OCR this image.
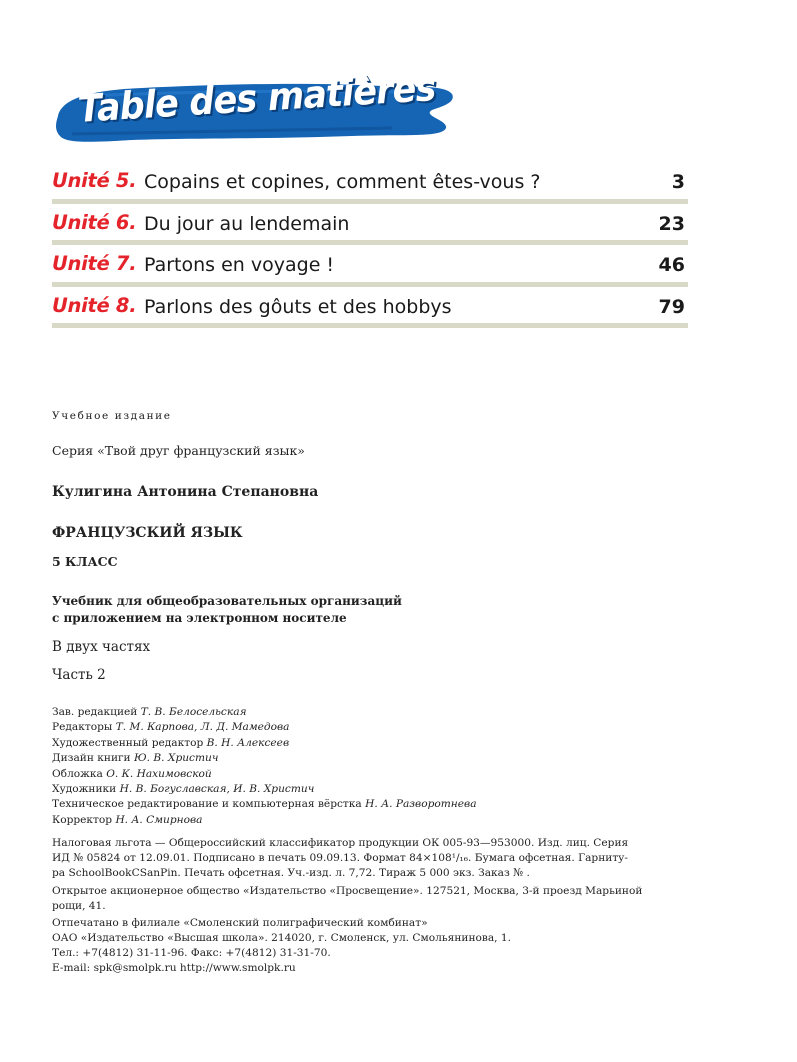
Table des matières
Unité 5. Copains et copines, comment êtes-vous ?	3
Unité 6. Du jour au lendemain	23
Unité 7. Partons en voyage !	46
Unité 8. Parlons des gôuts et des hobbys	79
Учебное издание
Серия «Твой друг французский язык»
Кулигина Антонина Степановна
ФРАНЦУЗСКИЙ ЯЗЫК
5 КЛАСС
Учебник для общеобразовательных организаций
с приложением на электронном носителе
В двух частях
Часть 2
Зав. редакцией Т. В. Белосельская
Редакторы Т. М. Карпова, Л. Д. Мамедова
Художественный редактор В. Н. Алексеев
Дизайн книги Ю. В. Христич
Обложка О. К. Нахимовской
Художники Н. В. Богуславская, И. В. Христич
Техническое редактирование и компьютерная вёрстка Н. А. Разворотнева
Корректор Н. А. Смирнова
Налоговая льгота — Общероссийский классификатор продукции ОК 005-93—953000. Изд. лиц. Серия
ИД № 05824 от 12.09.01. Подписано в печать 09.09.13. Формат 84×108¹/₁₆. Бумага офсетная. Гарниту-
ра SchoolBookCSanPin. Печать офсетная. Уч.-изд. л. 7,72. Тираж 5 000 экз. Заказ № .
Открытое акционерное общество «Издательство «Просвещение». 127521, Москва, 3-й проезд Марьиной
рощи, 41.
Отпечатано в филиале «Смоленский полиграфический комбинат»
ОАО «Издательство «Высшая школа». 214020, г. Смоленск, ул. Смольянинова, 1.
Тел.: +7(4812) 31-11-96. Факс: +7(4812) 31-31-70.
E-mail: spk@smolpk.ru http://www.smolpk.ru
